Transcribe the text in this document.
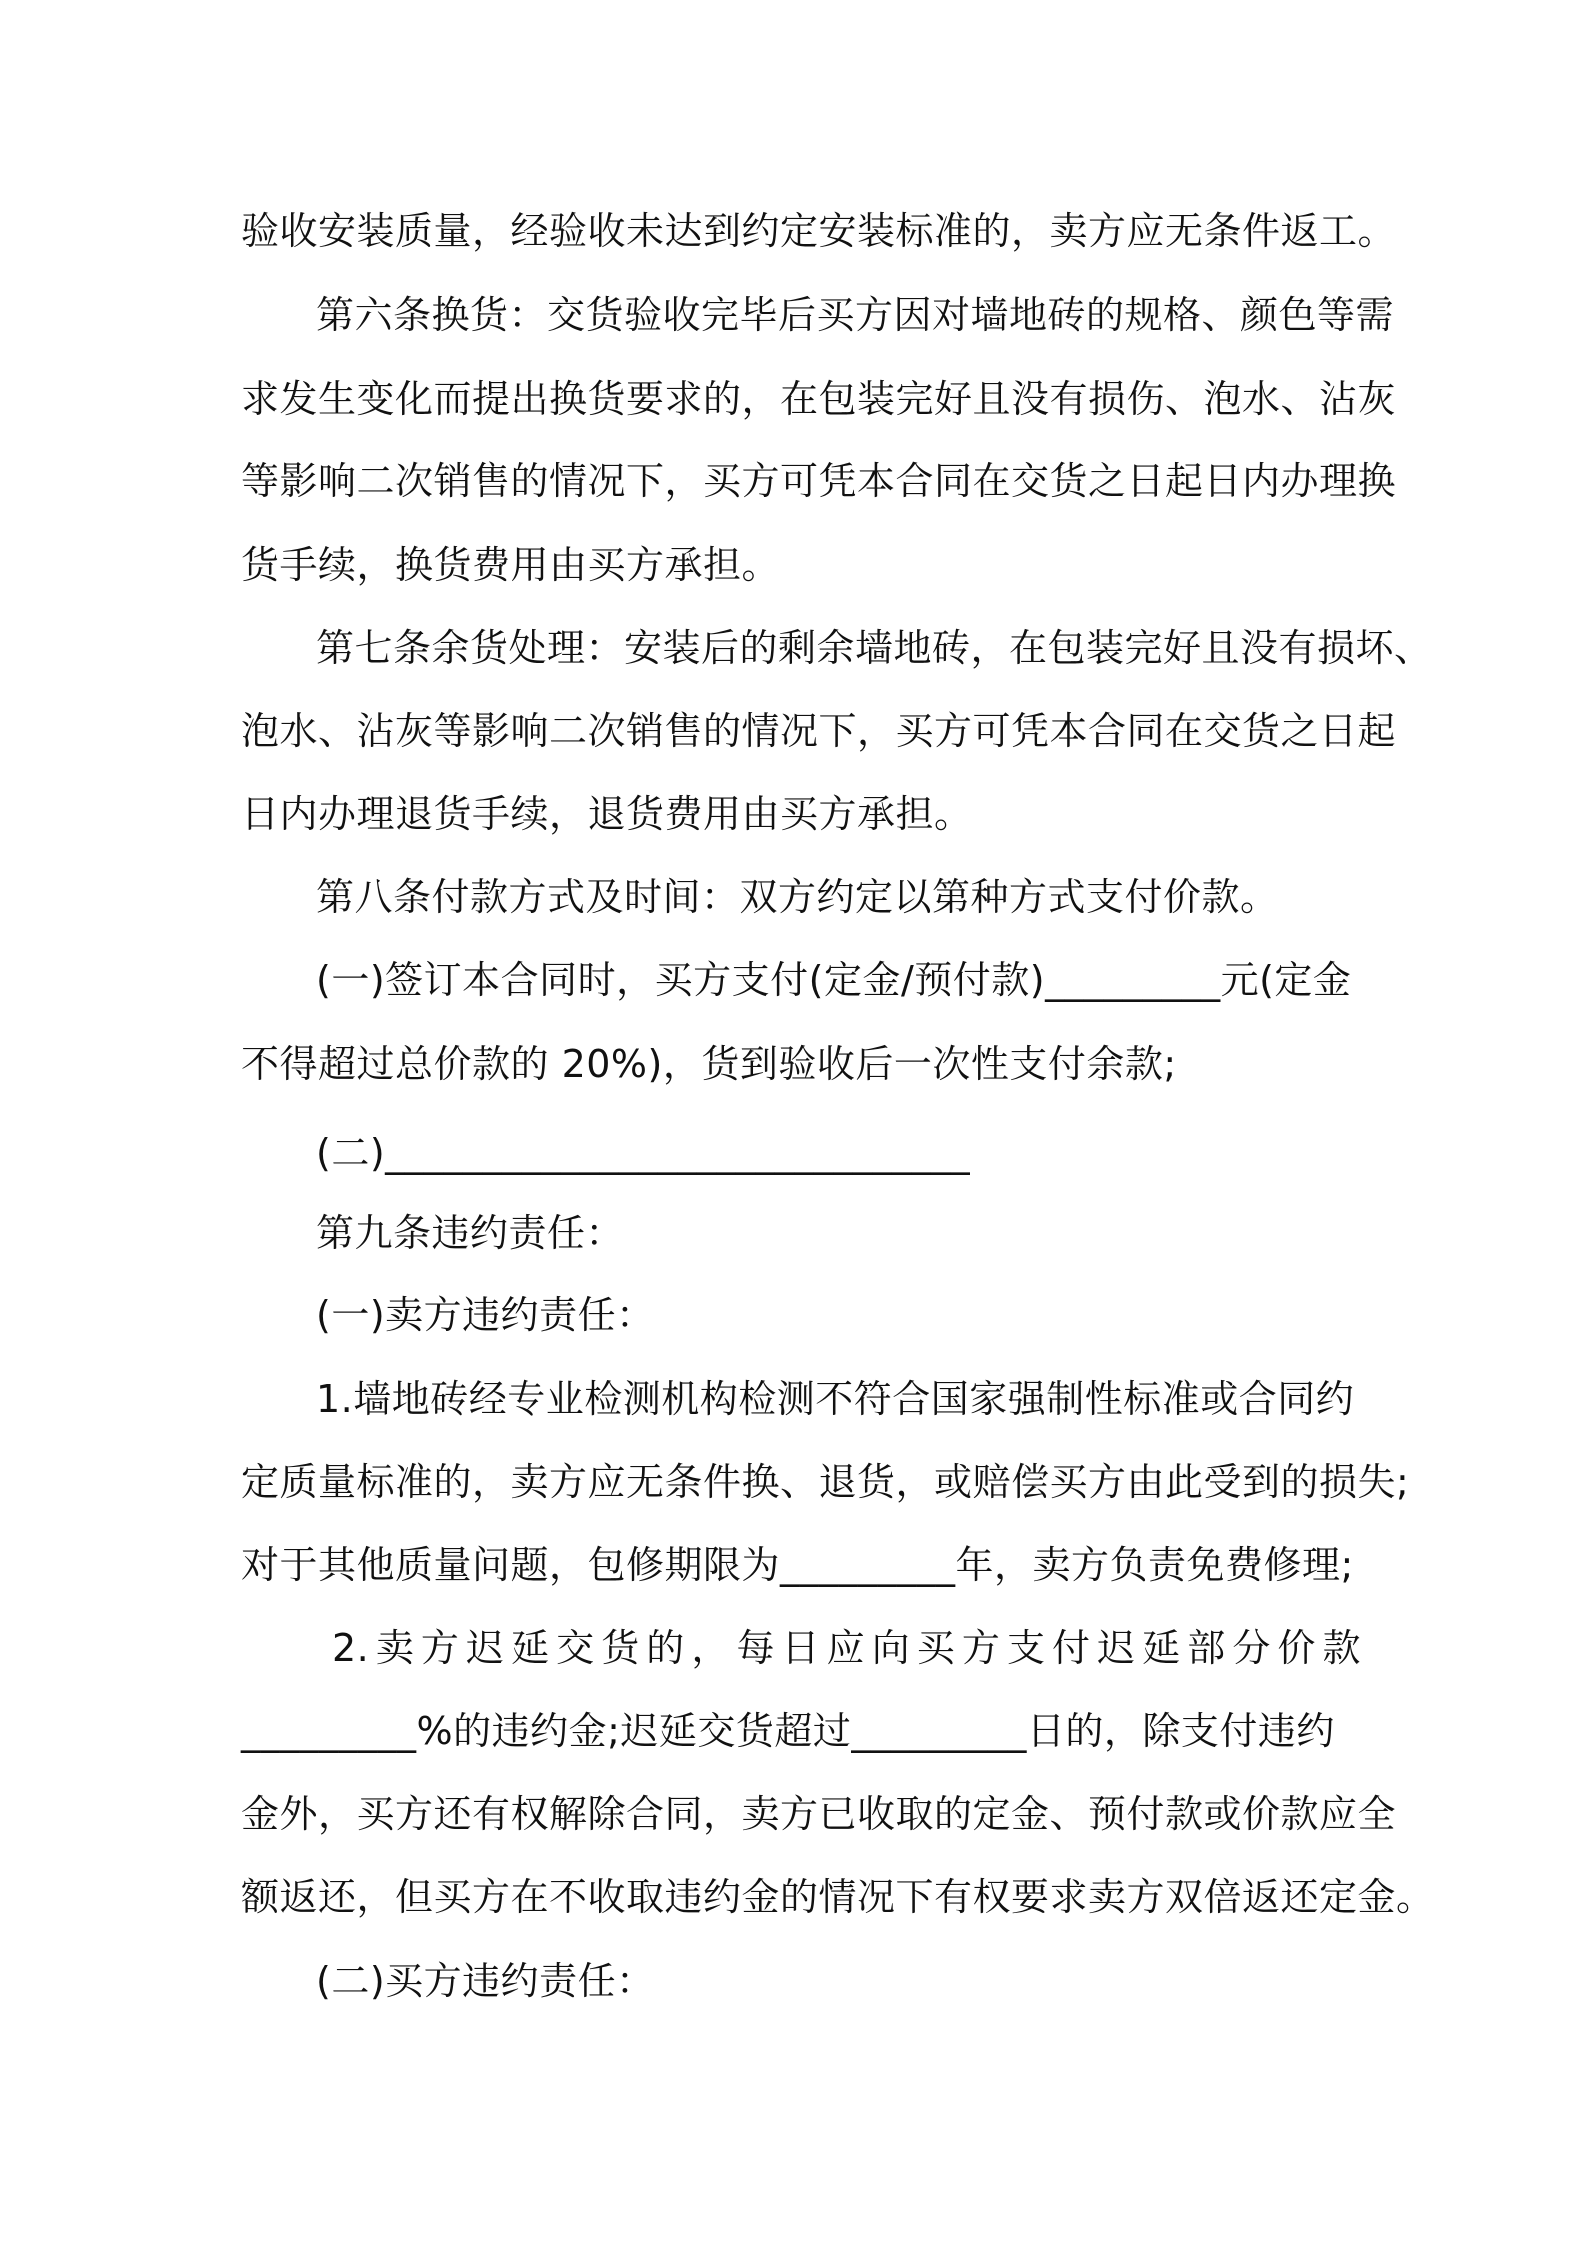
验收安装质量，经验收未达到约定安装标准的，卖方应无条件返工。
第六条换货：交货验收完毕后买方因对墙地砖的规格、颜色等需
求发生变化而提出换货要求的，在包装完好且没有损伤、泡水、沾灰
等影响二次销售的情况下，买方可凭本合同在交货之日起日内办理换
货手续，换货费用由买方承担。
第七条余货处理：安装后的剩余墙地砖，在包装完好且没有损坏、
泡水、沾灰等影响二次销售的情况下，买方可凭本合同在交货之日起
日内办理退货手续，退货费用由买方承担。
第八条付款方式及时间：双方约定以第种方式支付价款。
(一)签订本合同时，买方支付(定金/预付款)_________元(定金
不得超过总价款的 20%)，货到验收后一次性支付余款;
(二)______________________________
第九条违约责任：
(一)卖方违约责任：
1.墙地砖经专业检测机构检测不符合国家强制性标准或合同约
定质量标准的，卖方应无条件换、退货，或赔偿买方由此受到的损失;
对于其他质量问题，包修期限为_________年，卖方负责免费修理;
2.卖方迟延交货的，每日应向买方支付迟延部分价款
_________%的违约金;迟延交货超过_________日的，除支付违约
金外，买方还有权解除合同，卖方已收取的定金、预付款或价款应全
额返还，但买方在不收取违约金的情况下有权要求卖方双倍返还定金。
(二)买方违约责任：
